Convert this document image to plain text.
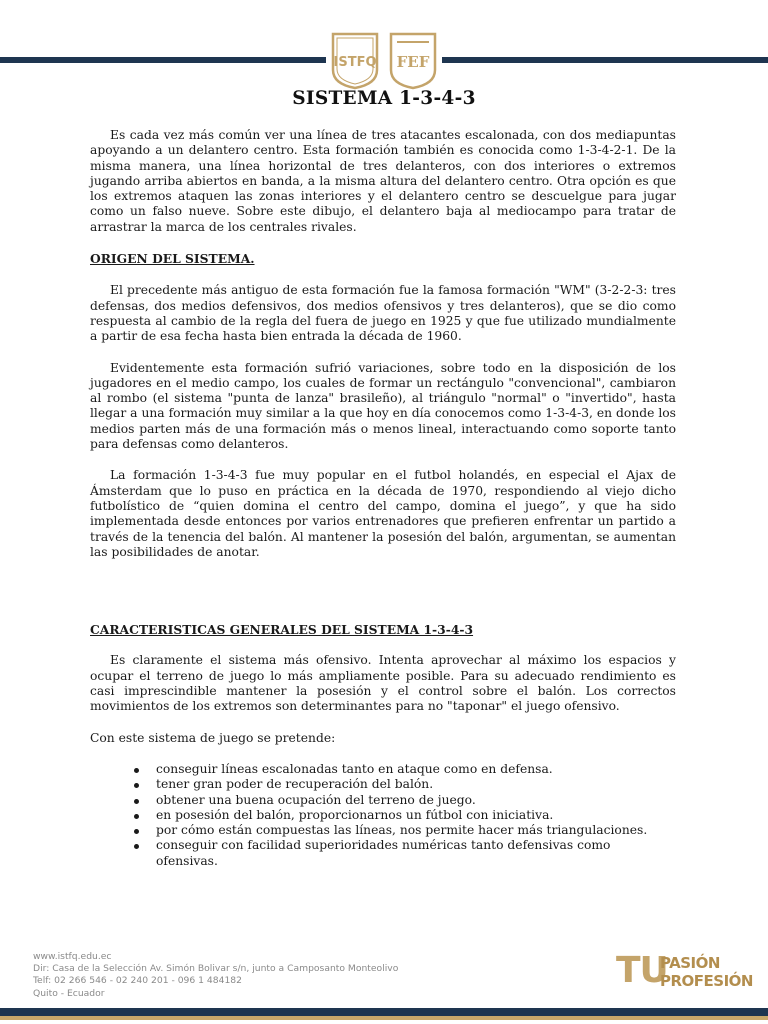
ISTFQ FEF
SISTEMA 1-3-4-3

Es cada vez más común ver una línea de tres atacantes escalonada, con dos mediapuntas apoyando a un delantero centro. Esta formación también es conocida como 1-3-4-2-1. De la misma manera, una línea horizontal de tres delanteros, con dos interiores o extremos jugando arriba abiertos en banda, a la misma altura del delantero centro. Otra opción es que los extremos ataquen las zonas interiores y el delantero centro se descuelgue para jugar como un falso nueve. Sobre este dibujo, el delantero baja al mediocampo para tratar de arrastrar la marca de los centrales rivales.

ORIGEN DEL SISTEMA.

El precedente más antiguo de esta formación fue la famosa formación "WM" (3-2-2-3: tres defensas, dos medios defensivos, dos medios ofensivos y tres delanteros), que se dio como respuesta al cambio de la regla del fuera de juego en 1925 y que fue utilizado mundialmente a partir de esa fecha hasta bien entrada la década de 1960.

Evidentemente esta formación sufrió variaciones, sobre todo en la disposición de los jugadores en el medio campo, los cuales de formar un rectángulo "convencional", cambiaron al rombo (el sistema "punta de lanza" brasileño), al triángulo "normal" o "invertido", hasta llegar a una formación muy similar a la que hoy en día conocemos como 1-3-4-3, en donde los medios parten más de una formación más o menos lineal, interactuando como soporte tanto para defensas como delanteros.

La formación 1-3-4-3 fue muy popular en el futbol holandés, en especial el Ajax de Ámsterdam que lo puso en práctica en la década de 1970, respondiendo al viejo dicho futbolístico de “quien domina el centro del campo, domina el juego”, y que ha sido implementada desde entonces por varios entrenadores que prefieren enfrentar un partido a través de la tenencia del balón. Al mantener la posesión del balón, argumentan, se aumentan las posibilidades de anotar.

CARACTERISTICAS GENERALES DEL SISTEMA 1-3-4-3

Es claramente el sistema más ofensivo. Intenta aprovechar al máximo los espacios y ocupar el terreno de juego lo más ampliamente posible. Para su adecuado rendimiento es casi imprescindible mantener la posesión y el control sobre el balón. Los correctos movimientos de los extremos son determinantes para no "taponar" el juego ofensivo.

Con este sistema de juego se pretende:

conseguir líneas escalonadas tanto en ataque como en defensa.
tener gran poder de recuperación del balón.
obtener una buena ocupación del terreno de juego.
en posesión del balón, proporcionarnos un fútbol con iniciativa.
por cómo están compuestas las líneas, nos permite hacer más triangulaciones.
conseguir con facilidad superioridades numéricas tanto defensivas como ofensivas.
www.istfq.edu.ec
Dir: Casa de la Selección Av. Simón Bolivar s/n, junto a Camposanto Monteolivo
Telf: 02 266 546 - 02 240 201 - 096 1 484182
Quito - Ecuador
TU
PASIÓN
PROFESIÓN
